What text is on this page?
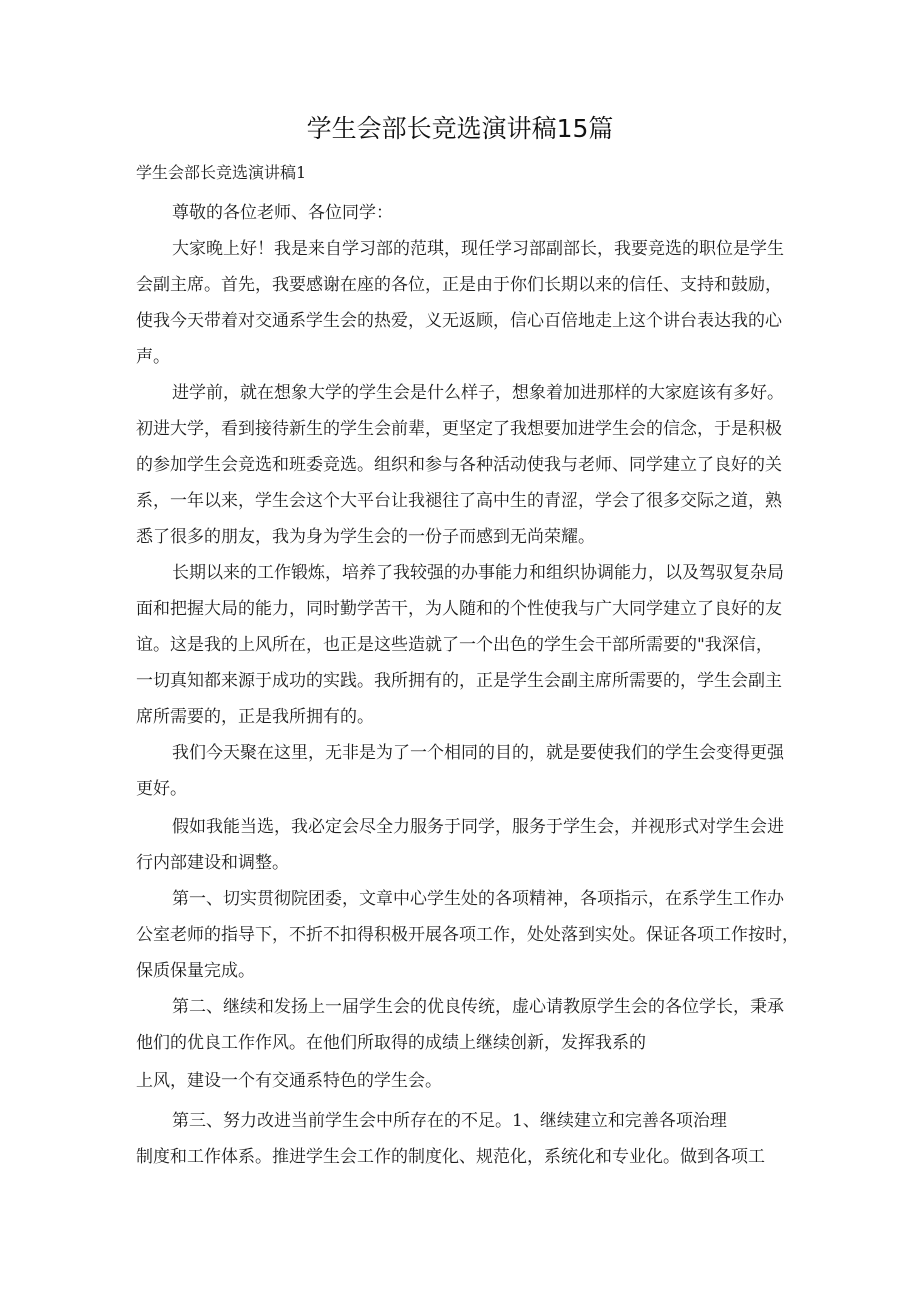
学生会部长竞选演讲稿15篇
学生会部长竞选演讲稿1
尊敬的各位老师、各位同学：
大家晚上好！我是来自学习部的范琪，现任学习部副部长，我要竞选的职位是学生
会副主席。首先，我要感谢在座的各位，正是由于你们长期以来的信任、支持和鼓励，
使我今天带着对交通系学生会的热爱，义无返顾，信心百倍地走上这个讲台表达我的心
声。
进学前，就在想象大学的学生会是什么样子，想象着加进那样的大家庭该有多好。
初进大学，看到接待新生的学生会前辈，更坚定了我想要加进学生会的信念，于是积极
的参加学生会竞选和班委竞选。组织和参与各种活动使我与老师、同学建立了良好的关
系，一年以来，学生会这个大平台让我褪往了高中生的青涩，学会了很多交际之道，熟
悉了很多的朋友，我为身为学生会的一份子而感到无尚荣耀。
长期以来的工作锻炼，培养了我较强的办事能力和组织协调能力，以及驾驭复杂局
面和把握大局的能力，同时勤学苦干，为人随和的个性使我与广大同学建立了良好的友
谊。这是我的上风所在，也正是这些造就了一个出色的学生会干部所需要的"我深信，
一切真知都来源于成功的实践。我所拥有的，正是学生会副主席所需要的，学生会副主
席所需要的，正是我所拥有的。
我们今天聚在这里，无非是为了一个相同的目的，就是要使我们的学生会变得更强
更好。
假如我能当选，我必定会尽全力服务于同学，服务于学生会，并视形式对学生会进
行内部建设和调整。
第一、切实贯彻院团委，文章中心学生处的各项精神，各项指示，在系学生工作办
公室老师的指导下，不折不扣得积极开展各项工作，处处落到实处。保证各项工作按时，
保质保量完成。
第二、继续和发扬上一届学生会的优良传统，虚心请教原学生会的各位学长，秉承
他们的优良工作作风。在他们所取得的成绩上继续创新，发挥我系的
上风，建设一个有交通系特色的学生会。
第三、努力改进当前学生会中所存在的不足。1、继续建立和完善各项治理
制度和工作体系。推进学生会工作的制度化、规范化，系统化和专业化。做到各项工
